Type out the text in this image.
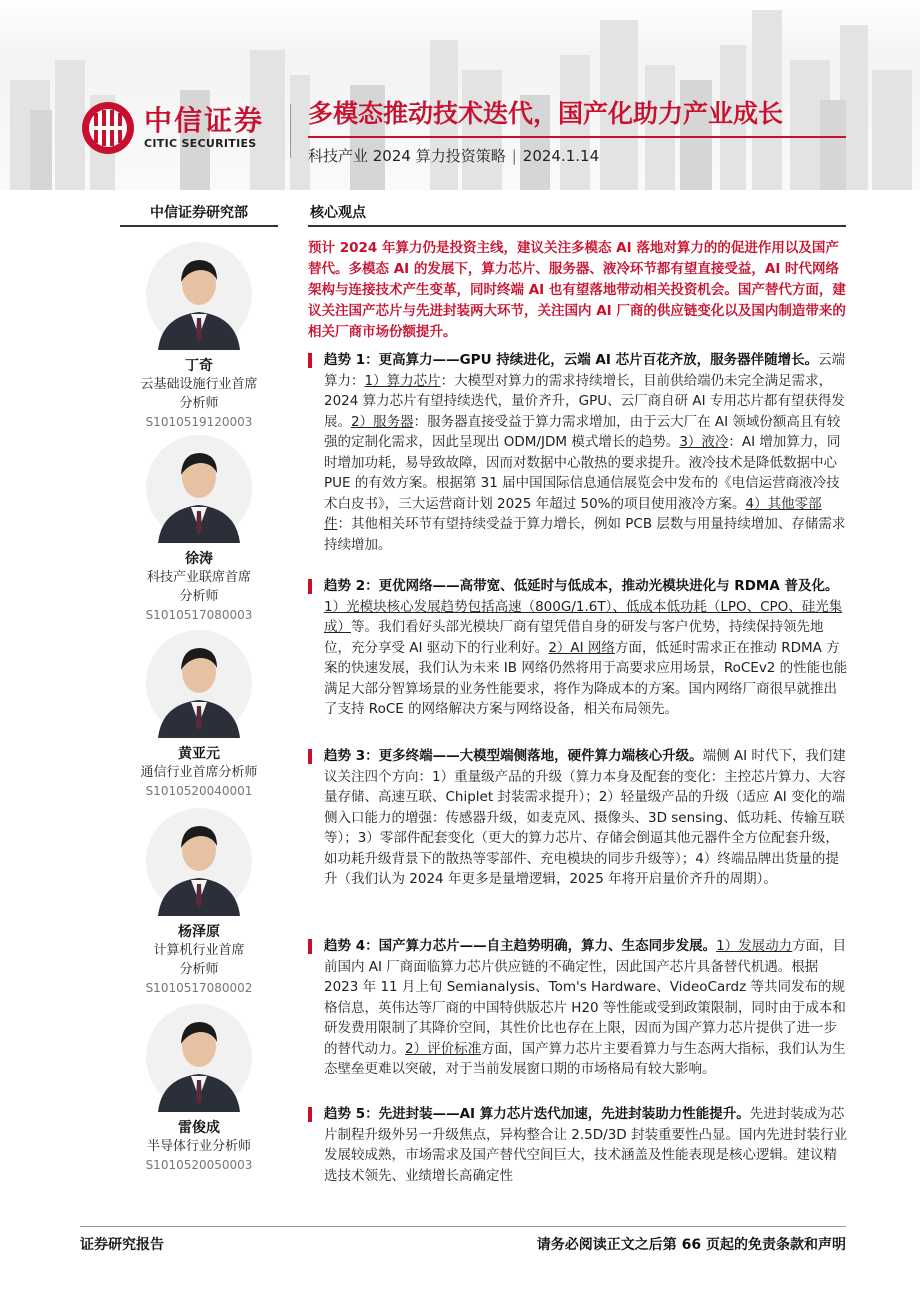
中信证券
CITIC SECURITIES
多模态推动技术迭代，国产化助力产业成长
科技产业 2024 算力投资策略 | 2024.1.14
中信证券研究部	核心观点
丁奇
云基础设施行业首席
分析师
S1010519120003
徐涛
科技产业联席首席
分析师
S1010517080003
黄亚元
通信行业首席分析师
S1010520040001
杨泽原
计算机行业首席
分析师
S1010517080002
雷俊成
半导体行业分析师
S1010520050003
预计 2024 年算力仍是投资主线，建议关注多模态 AI 落地对算力的的促进作用以及国产替代。多模态 AI 的发展下，算力芯片、服务器、液冷环节都有望直接受益，AI 时代网络架构与连接技术产生变革，同时终端 AI 也有望落地带动相关投资机会。国产替代方面，建议关注国产芯片与先进封装两大环节，关注国内 AI 厂商的供应链变化以及国内制造带来的相关厂商市场份额提升。
趋势 1：更高算力——GPU 持续进化，云端 AI 芯片百花齐放，服务器伴随增长。云端算力：1）算力芯片：大模型对算力的需求持续增长，目前供给端仍未完全满足需求，2024 算力芯片有望持续迭代，量价齐升，GPU、云厂商自研 AI 专用芯片都有望获得发展。2）服务器：服务器直接受益于算力需求增加，由于云大厂在 AI 领域份额高且有较强的定制化需求，因此呈现出 ODM/JDM 模式增长的趋势。3）液冷：AI 增加算力，同时增加功耗，易导致故障，因而对数据中心散热的要求提升。液冷技术是降低数据中心 PUE 的有效方案。根据第 31 届中国国际信息通信展览会中发布的《电信运营商液冷技术白皮书》，三大运营商计划 2025 年超过 50%的项目使用液冷方案。4）其他零部件：其他相关环节有望持续受益于算力增长，例如 PCB 层数与用量持续增加、存储需求持续增加。
趋势 2：更优网络——高带宽、低延时与低成本，推动光模块进化与 RDMA 普及化。1）光模块核心发展趋势包括高速（800G/1.6T）、低成本低功耗（LPO、CPO、硅光集成）等。我们看好头部光模块厂商有望凭借自身的研发与客户优势，持续保持领先地位，充分享受 AI 驱动下的行业利好。2）AI 网络方面，低延时需求正在推动 RDMA 方案的快速发展，我们认为未来 IB 网络仍然将用于高要求应用场景，RoCEv2 的性能也能满足大部分智算场景的业务性能要求，将作为降成本的方案。国内网络厂商很早就推出了支持 RoCE 的网络解决方案与网络设备，相关布局领先。
趋势 3：更多终端——大模型端侧落地，硬件算力端核心升级。端侧 AI 时代下，我们建议关注四个方向：1）重量级产品的升级（算力本身及配套的变化：主控芯片算力、大容量存储、高速互联、Chiplet 封装需求提升）；2）轻量级产品的升级（适应 AI 变化的端侧入口能力的增强：传感器升级，如麦克风、摄像头、3D sensing、低功耗、传输互联等）；3）零部件配套变化（更大的算力芯片、存储会倒逼其他元器件全方位配套升级，如功耗升级背景下的散热等零部件、充电模块的同步升级等）；4）终端品牌出货量的提升（我们认为 2024 年更多是量增逻辑，2025 年将开启量价齐升的周期）。
趋势 4：国产算力芯片——自主趋势明确，算力、生态同步发展。1）发展动力方面，目前国内 AI 厂商面临算力芯片供应链的不确定性，因此国产芯片具备替代机遇。根据 2023 年 11 月上旬 Semianalysis、Tom's Hardware、VideoCardz 等共同发布的规格信息，英伟达等厂商的中国特供版芯片 H20 等性能或受到政策限制，同时由于成本和研发费用限制了其降价空间，其性价比也存在上限，因而为国产算力芯片提供了进一步的替代动力。2）评价标准方面，国产算力芯片主要看算力与生态两大指标，我们认为生态壁垒更难以突破，对于当前发展窗口期的市场格局有较大影响。
趋势 5：先进封装——AI 算力芯片迭代加速，先进封装助力性能提升。先进封装成为芯片制程升级外另一升级焦点，异构整合让 2.5D/3D 封装重要性凸显。国内先进封装行业发展较成熟，市场需求及国产替代空间巨大，技术涵盖及性能表现是核心逻辑。建议精选技术领先、业绩增长高确定性
证券研究报告	请务必阅读正文之后第 66 页起的免责条款和声明
